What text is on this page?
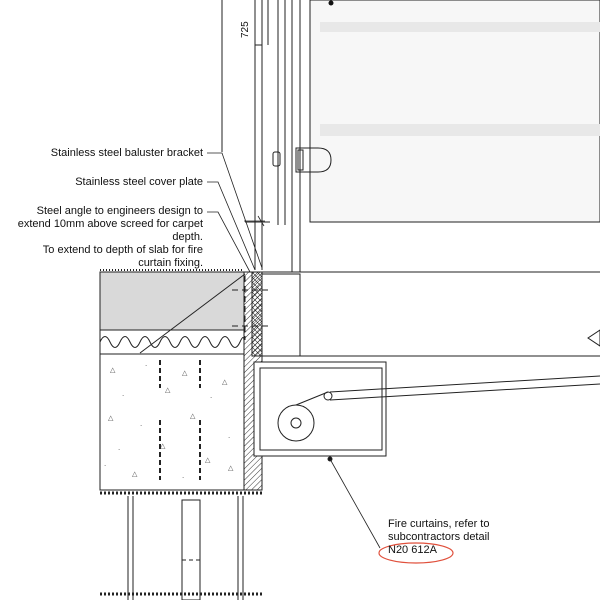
△	·
△
·
△
·
△
·
△
·
·	△
△
△	·
△
△
·
725
Stainless steel baluster bracket
Stainless steel cover plate
Steel angle to engineers design to
extend 10mm above screed for carpet
depth.
To extend to depth of slab for fire
curtain fixing.
Fire curtains, refer to
subcontractors detail
N20 612A
